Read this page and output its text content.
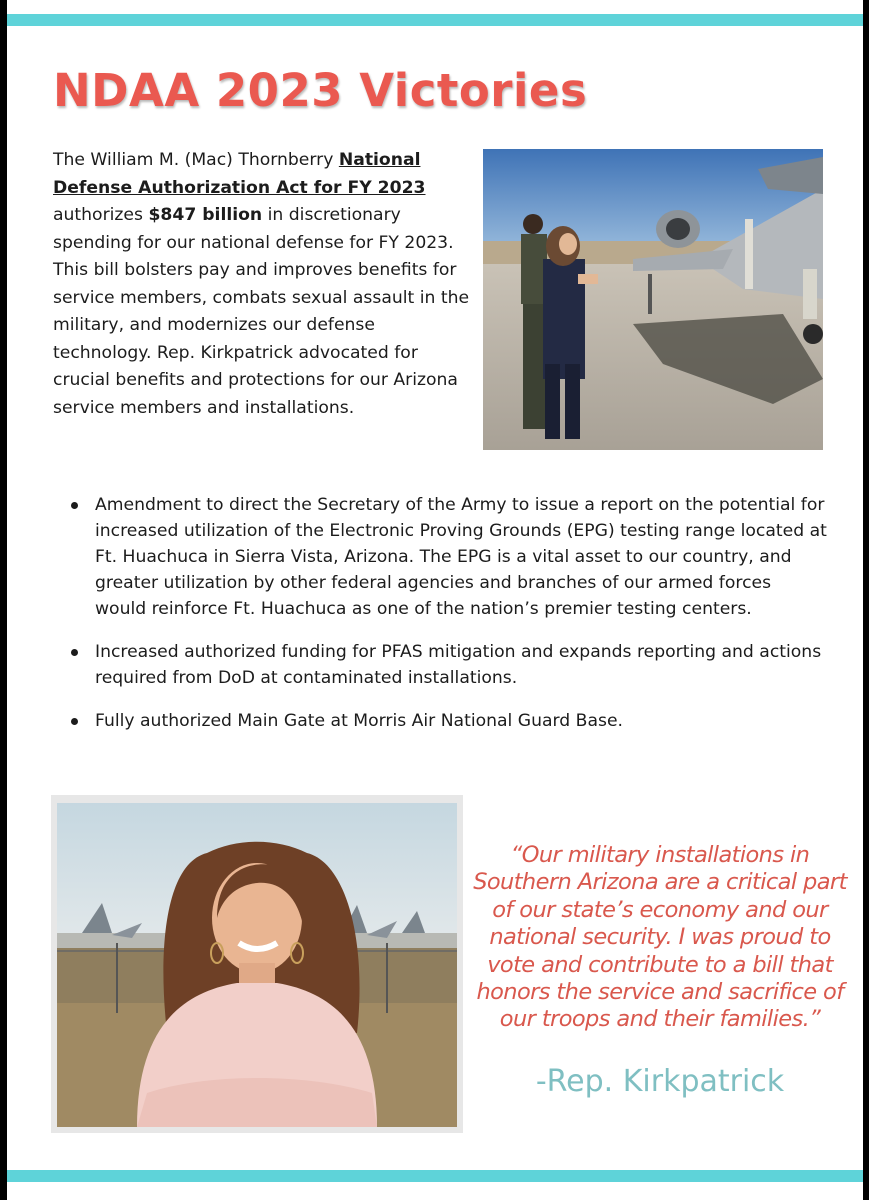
NDAA 2023 Victories
The William M. (Mac) Thornberry National Defense Authorization Act for FY 2023 authorizes $847 billion in discretionary spending for our national defense for FY 2023. This bill bolsters pay and improves benefits for service members, combats sexual assault in the military, and modernizes our defense technology. Rep. Kirkpatrick advocated for crucial benefits and protections for our Arizona service members and installations.
Amendment to direct the Secretary of the Army to issue a report on the potential for increased utilization of the Electronic Proving Grounds (EPG) testing range located at Ft. Huachuca in Sierra Vista, Arizona. The EPG is a vital asset to our country, and greater utilization by other federal agencies and branches of our armed forces would reinforce Ft. Huachuca as one of the nation’s premier testing centers.
Increased authorized funding for PFAS mitigation and expands reporting and actions required from DoD at contaminated installations.
Fully authorized Main Gate at Morris Air National Guard Base.
“Our military installations in Southern Arizona are a critical part of our state’s economy and our national security. I was proud to vote and contribute to a bill that honors the service and sacrifice of our troops and their families.”
-Rep. Kirkpatrick
